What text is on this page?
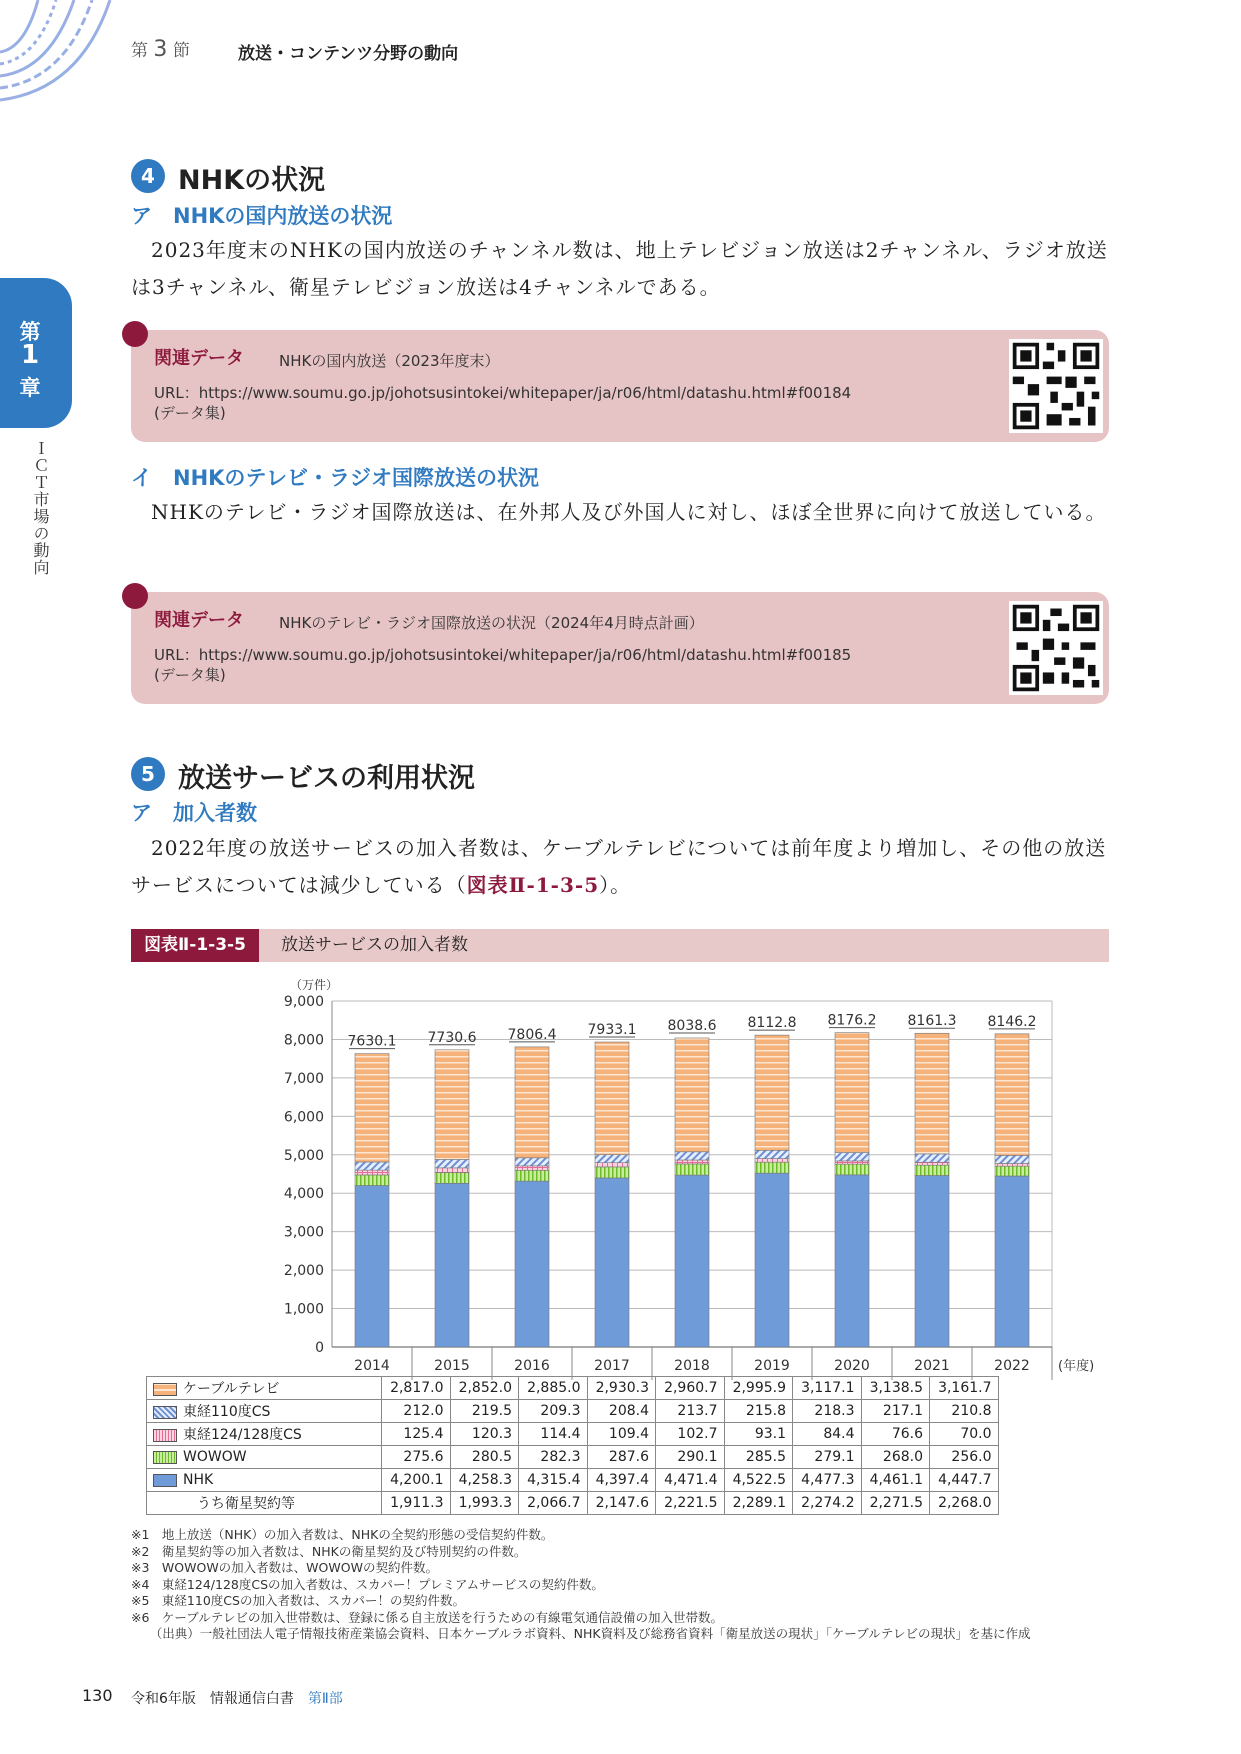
第 3 節	放送・コンテンツ分野の動向
第
1
章
ＩＣＴ市場の動向
4 NHKの状況
ア　NHKの国内放送の状況
2023年度末のNHKの国内放送のチャンネル数は、地上テレビジョン放送は2チャンネル、ラジオ放送は3チャンネル、衛星テレビジョン放送は4チャンネルである。
関連データ NHKの国内放送（2023年度末）
URL：https://www.soumu.go.jp/johotsusintokei/whitepaper/ja/r06/html/datashu.html#f00184
(データ集)
イ　NHKのテレビ・ラジオ国際放送の状況
NHKのテレビ・ラジオ国際放送は、在外邦人及び外国人に対し、ほぼ全世界に向けて放送している。
関連データ NHKのテレビ・ラジオ国際放送の状況（2024年4月時点計画）
URL：https://www.soumu.go.jp/johotsusintokei/whitepaper/ja/r06/html/datashu.html#f00185
(データ集)
5 放送サービスの利用状況
ア　加入者数
2022年度の放送サービスの加入者数は、ケーブルテレビについては前年度より増加し、その他の放送サービスについては減少している（図表Ⅱ-1-3-5）。
図表Ⅱ-1-3-5	放送サービスの加入者数
（万件）
0
1,000
2,000
3,000
4,000
5,000
6,000
7,000
8,000
9,000
7630.1
2014
7730.6
2015
7806.4
2016
7933.1
2017
8038.6
2018
8112.8
2019
8176.2
2020
8161.3
2021
8146.2
2022 (年度)
ケーブルテレビ	2,817.0	2,852.0	2,885.0	2,930.3	2,960.7	2,995.9	3,117.1	3,138.5	3,161.7
東経110度CS	212.0	219.5	209.3	208.4	213.7	215.8	218.3	217.1	210.8
東経124/128度CS	125.4	120.3	114.4	109.4	102.7	93.1	84.4	76.6	70.0
WOWOW	275.6	280.5	282.3	287.6	290.1	285.5	279.1	268.0	256.0
NHK	4,200.1	4,258.3	4,315.4	4,397.4	4,471.4	4,522.5	4,477.3	4,461.1	4,447.7
うち衛星契約等	1,911.3	1,993.3	2,066.7	2,147.6	2,221.5	2,289.1	2,274.2	2,271.5	2,268.0
※1　地上放送（NHK）の加入者数は、NHKの全契約形態の受信契約件数。
※2　衛星契約等の加入者数は、NHKの衛星契約及び特別契約の件数。
※3　WOWOWの加入者数は、WOWOWの契約件数。
※4　東経124/128度CSの加入者数は、スカパー！プレミアムサービスの契約件数。
※5　東経110度CSの加入者数は、スカパー！の契約件数。
※6　ケーブルテレビの加入世帯数は、登録に係る自主放送を行うための有線電気通信設備の加入世帯数。
　　（出典）一般社団法人電子情報技術産業協会資料、日本ケーブルラボ資料、NHK資料及び総務省資料「衛星放送の現状」「ケーブルテレビの現状」を基に作成
130 令和6年版　情報通信白書　 第Ⅱ部
